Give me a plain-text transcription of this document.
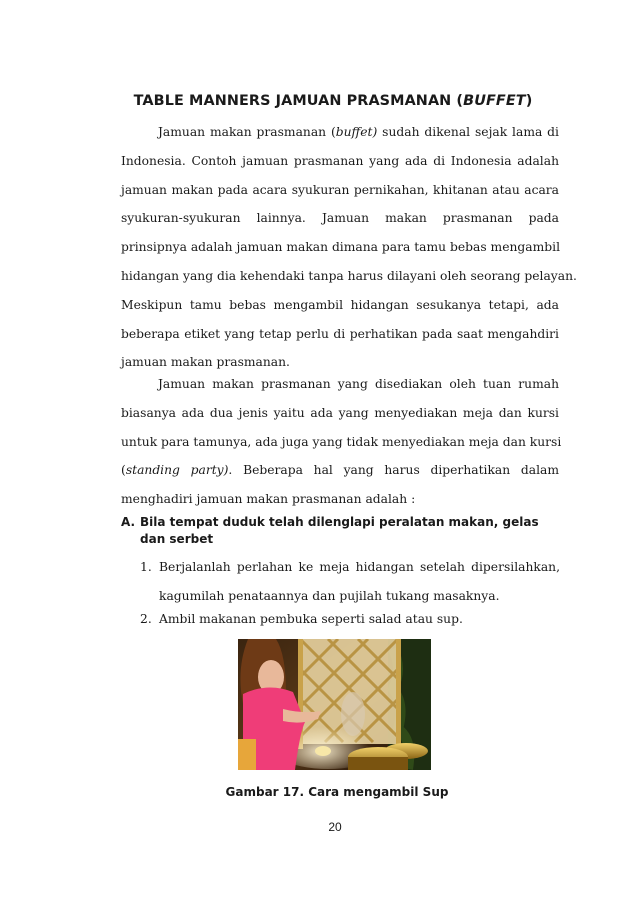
TABLE MANNERS JAMUAN PRASMANAN (BUFFET)
Jamuan makan prasmanan (buffet) sudah dikenal sejak lama di
Indonesia. Contoh jamuan prasmanan yang ada di Indonesia adalah
jamuan makan pada acara syukuran pernikahan, khitanan atau acara
syukuran-syukuran lainnya. Jamuan makan prasmanan pada
prinsipnya adalah jamuan makan dimana para tamu bebas mengambil
hidangan yang dia kehendaki tanpa harus dilayani oleh seorang pelayan.
Meskipun tamu bebas mengambil hidangan sesukanya tetapi, ada
beberapa etiket yang tetap perlu di perhatikan pada saat mengahdiri
jamuan makan prasmanan.
Jamuan makan prasmanan yang disediakan oleh tuan rumah
biasanya ada dua jenis yaitu ada yang menyediakan meja dan kursi
untuk para tamunya, ada juga yang tidak menyediakan meja dan kursi
(standing party). Beberapa hal yang harus diperhatikan dalam
menghadiri jamuan makan prasmanan adalah :
A. Bila tempat duduk telah dilenglapi peralatan makan, gelas dan serbet
1. Berjalanlah perlahan ke meja hidangan setelah dipersilahkan,
kagumilah penataannya dan pujilah tukang masaknya.
2. Ambil makanan pembuka seperti salad atau sup.
Gambar 17. Cara mengambil Sup
20
